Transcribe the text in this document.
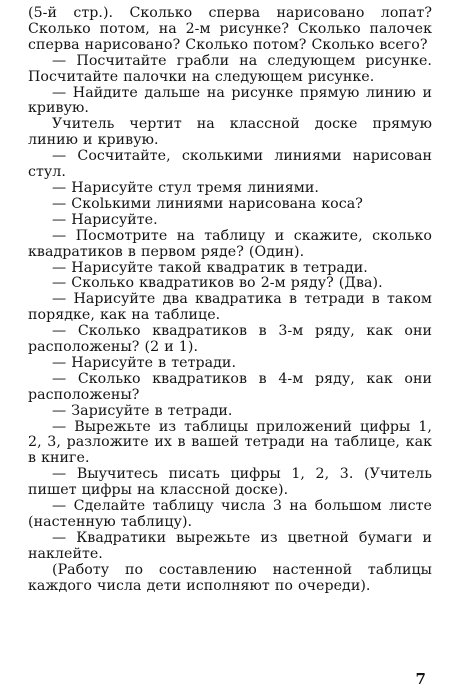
(5-й стр.). Сколько сперва нарисовано лопат? Сколько потом, на 2-м рисунке? Сколько палочек сперва нарисовано? Сколько потом? Сколько всего?

— Посчитайте грабли на следующем рисунке. Посчитайте палочки на следующем рисунке.

— Найдите дальше на рисунке прямую линию и кривую.

Учитель чертит на классной доске прямую линию и кривую.

— Сосчитайте, сколькими линиями нарисован стул.

— Нарисуйте стул тремя линиями.

— Скolькими линиями нарисована коса?

— Нарисуйте.

— Посмотрите на таблицу и скажите, сколько квадратиков в первом ряде? (Один).

— Нарисуйте такой квадратик в тетради.

— Сколько квадратиков во 2-м ряду? (Два).

— Нарисуйте два квадратика в тетради в таком порядке, как на таблице.

— Сколько квадратиков в 3-м ряду, как они расположены? (2 и 1).

— Нарисуйте в тетради.

— Сколько квадратиков в 4-м ряду, как они расположены?

— Зарисуйте в тетради.

— Вырежьте из таблицы приложений цифры 1, 2, 3, разложите их в вашей тетради на таблице, как в книге.

— Выучитесь писать цифры 1, 2, 3. (Учитель пишет цифры на классной доске).

— Сделайте таблицу числа 3 на большом листе (настенную таблицу).

— Квадратики вырежьте из цветной бумаги и наклейте.

(Работу по составлению настенной таблицы каждого числа дети исполняют по очереди).

7
